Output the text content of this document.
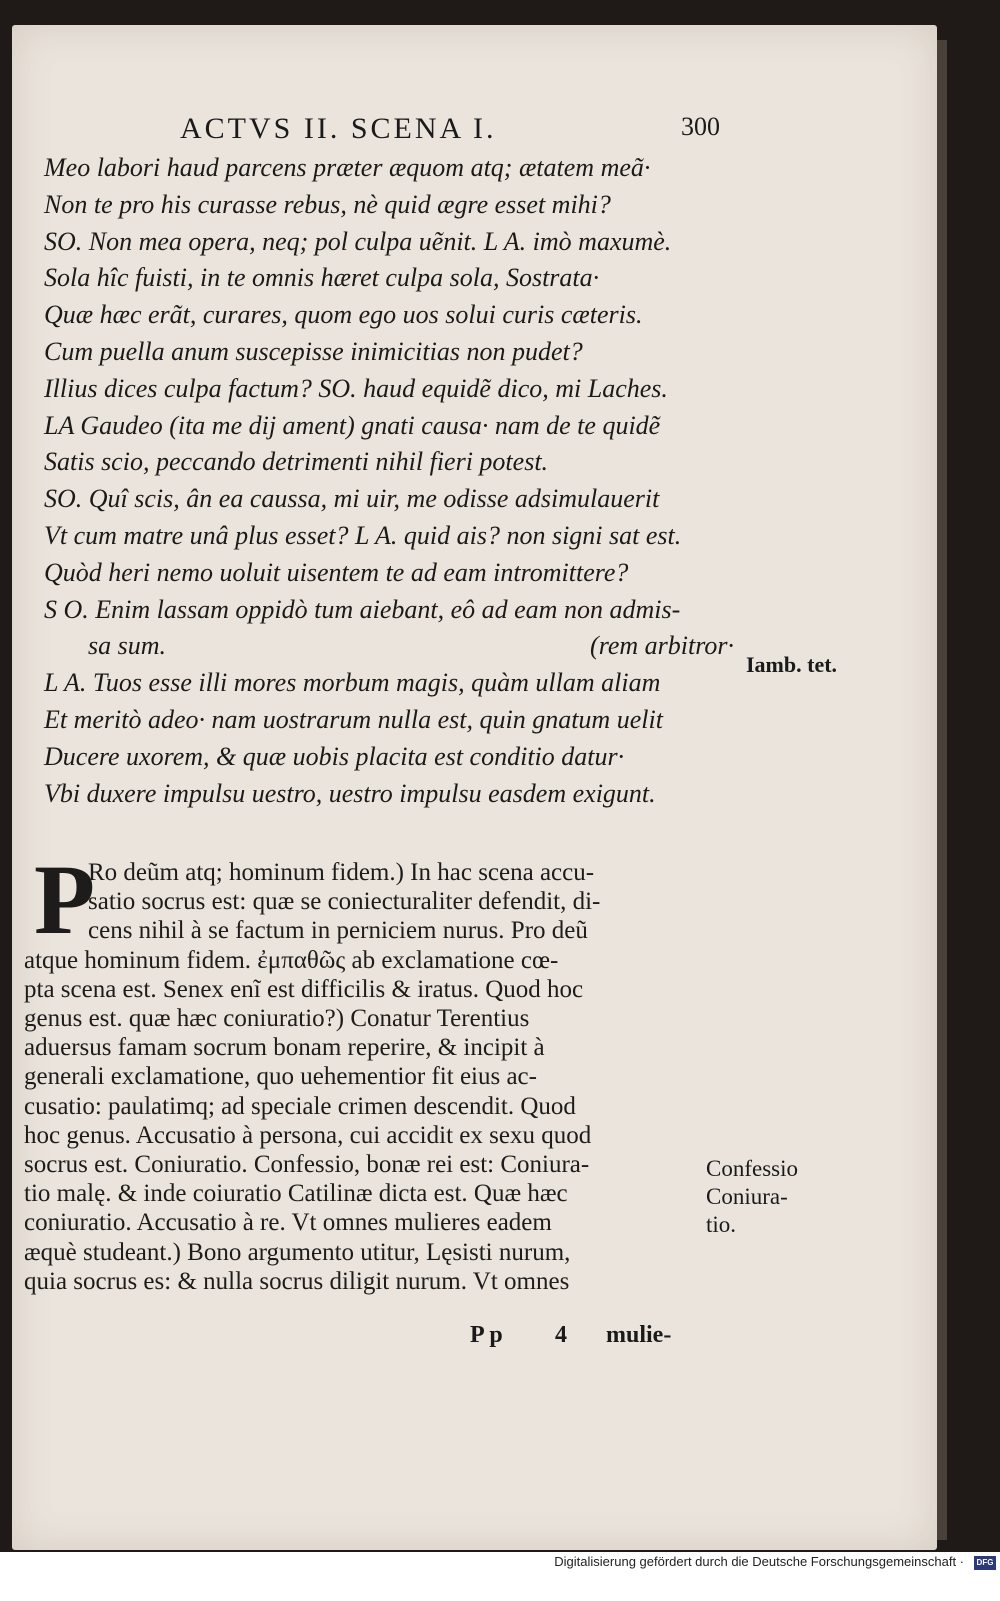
ACTVS II. SCENA I.	300
Meo labori haud parcens præter æquom atq; ætatem meã·
Non te pro his curasse rebus, nè quid ægre esset mihi?
SO. Non mea opera, neq; pol culpa uẽnit. L A. imò maxumè.
Sola hîc fuisti, in te omnis hæret culpa sola, Sostrata·
Quæ hæc erãt, curares, quom ego uos solui curis cæteris.
Cum puella anum suscepisse inimicitias non pudet?
Illius dices culpa factum? SO. haud equidẽ dico, mi Laches.
LA Gaudeo (ita me dij ament) gnati causa· nam de te quidẽ
Satis scio, peccando detrimenti nihil fieri potest.
SO. Quî scis, ân ea caussa, mi uir, me odisse adsimulauerit
Vt cum matre unâ plus esset? L A. quid ais? non signi sat est.
Quòd heri nemo uoluit uisentem te ad eam intromittere?
S O. Enim lassam oppidò tum aiebant, eô ad eam non admis-
sa sum.	(rem arbitror·
L A. Tuos esse illi mores morbum magis, quàm ullam aliam
Et meritò adeo· nam uostrarum nulla est, quin gnatum uelit
Ducere uxorem, & quæ uobis placita est conditio datur·
Vbi duxere impulsu uestro, uestro impulsu easdem exigunt.
Iamb. tet.
P
Ro deũm atq; hominum fidem.) In hac scena accu-
satio socrus est: quæ se coniecturaliter defendit, di-
cens nihil à se factum in perniciem nurus. Pro deũ
atque hominum fidem. ἐμπαθῶς ab exclamatione cœ-
pta scena est. Senex enĩ est difficilis & iratus. Quod hoc
genus est. quæ hæc coniuratio?) Conatur Terentius
aduersus famam socrum bonam reperire, & incipit à
generali exclamatione, quo uehementior fit eius ac-
cusatio: paulatimq; ad speciale crimen descendit. Quod
hoc genus. Accusatio à persona, cui accidit ex sexu quod
socrus est. Coniuratio. Confessio, bonæ rei est: Coniura-
tio malę. & inde coiuratio Catilinæ dicta est. Quæ hæc
coniuratio. Accusatio à re. Vt omnes mulieres eadem
æquè studeant.) Bono argumento utitur, Lęsisti nurum,
quia socrus es: & nulla socrus diligit nurum. Vt omnes
Confessio
Coniura-
tio.
P p 4 mulie-
Digitalisierung gefördert durch die Deutsche Forschungsgemeinschaft ·	DFG
